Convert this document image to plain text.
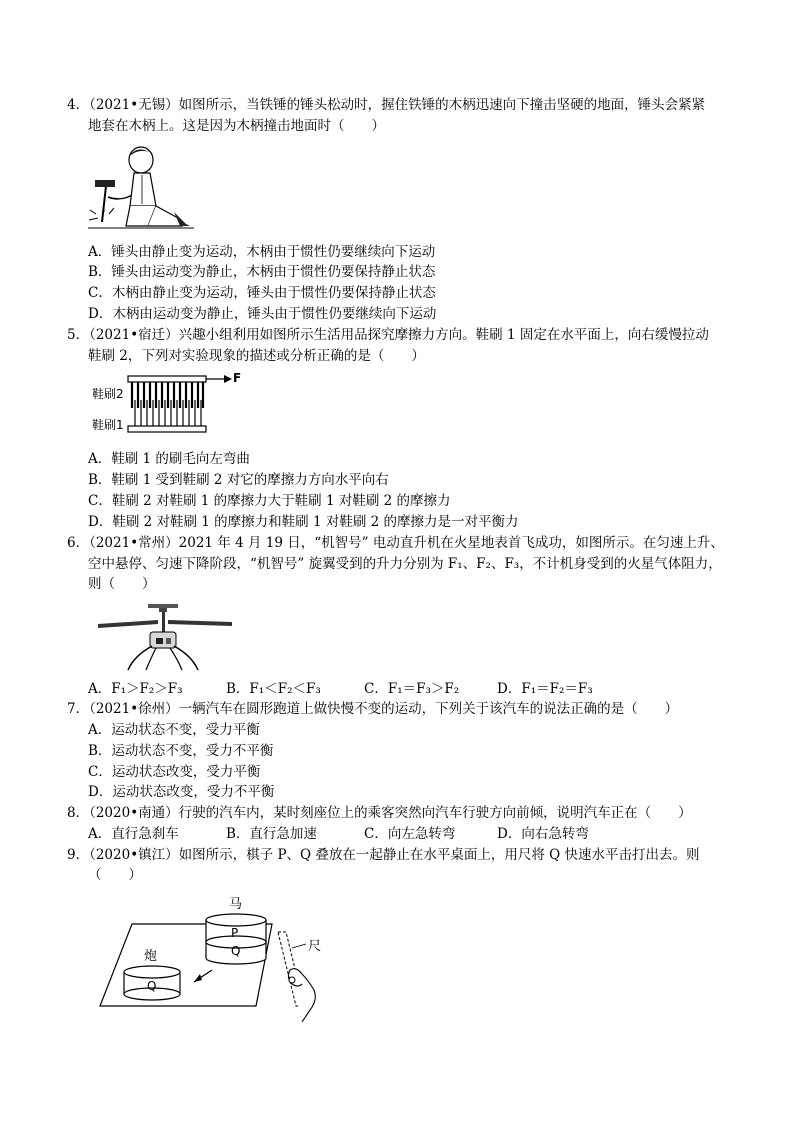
4．（2021•无锡）如图所示，当铁锤的锤头松动时，握住铁锤的木柄迅速向下撞击坚硬的地面，锤头会紧紧
地套在木柄上。这是因为木柄撞击地面时（　　）
A．锤头由静止变为运动，木柄由于惯性仍要继续向下运动
B．锤头由运动变为静止，木柄由于惯性仍要保持静止状态
C．木柄由静止变为运动，锤头由于惯性仍要保持静止状态
D．木柄由运动变为静止，锤头由于惯性仍要继续向下运动
5．（2021•宿迁）兴趣小组利用如图所示生活用品探究摩擦力方向。鞋刷 1 固定在水平面上，向右缓慢拉动
鞋刷 2，下列对实验现象的描述或分析正确的是（　　）
鞋刷2
鞋刷1
F
A．鞋刷 1 的刷毛向左弯曲
B．鞋刷 1 受到鞋刷 2 对它的摩擦力方向水平向右
C．鞋刷 2 对鞋刷 1 的摩擦力大于鞋刷 1 对鞋刷 2 的摩擦力
D．鞋刷 2 对鞋刷 1 的摩擦力和鞋刷 1 对鞋刷 2 的摩擦力是一对平衡力
6．（2021•常州）2021 年 4 月 19 日，“机智号” 电动直升机在火星地表首飞成功，如图所示。在匀速上升、
空中悬停、匀速下降阶段，“机智号” 旋翼受到的升力分别为 F₁、F₂、F₃，不计机身受到的火星气体阻力，
则（　　）
A．F₁＞F₂＞F₃	B．F₁＜F₂＜F₃	C．F₁＝F₃＞F₂	D．F₁＝F₂＝F₃
7．（2021•徐州）一辆汽车在圆形跑道上做快慢不变的运动，下列关于该汽车的说法正确的是（　　）
A．运动状态不变，受力平衡
B．运动状态不变，受力不平衡
C．运动状态改变，受力平衡
D．运动状态改变，受力不平衡
8．（2020•南通）行驶的汽车内，某时刻座位上的乘客突然向汽车行驶方向前倾，说明汽车正在（　　）
A．直行急刹车	B．直行急加速	C．向左急转弯	D．向右急转弯
9．（2020•镇江）如图所示，棋子 P、Q 叠放在一起静止在水平桌面上，用尺将 Q 快速水平击打出去。则
（　　）
P
Q
马
Q
炮
尺
